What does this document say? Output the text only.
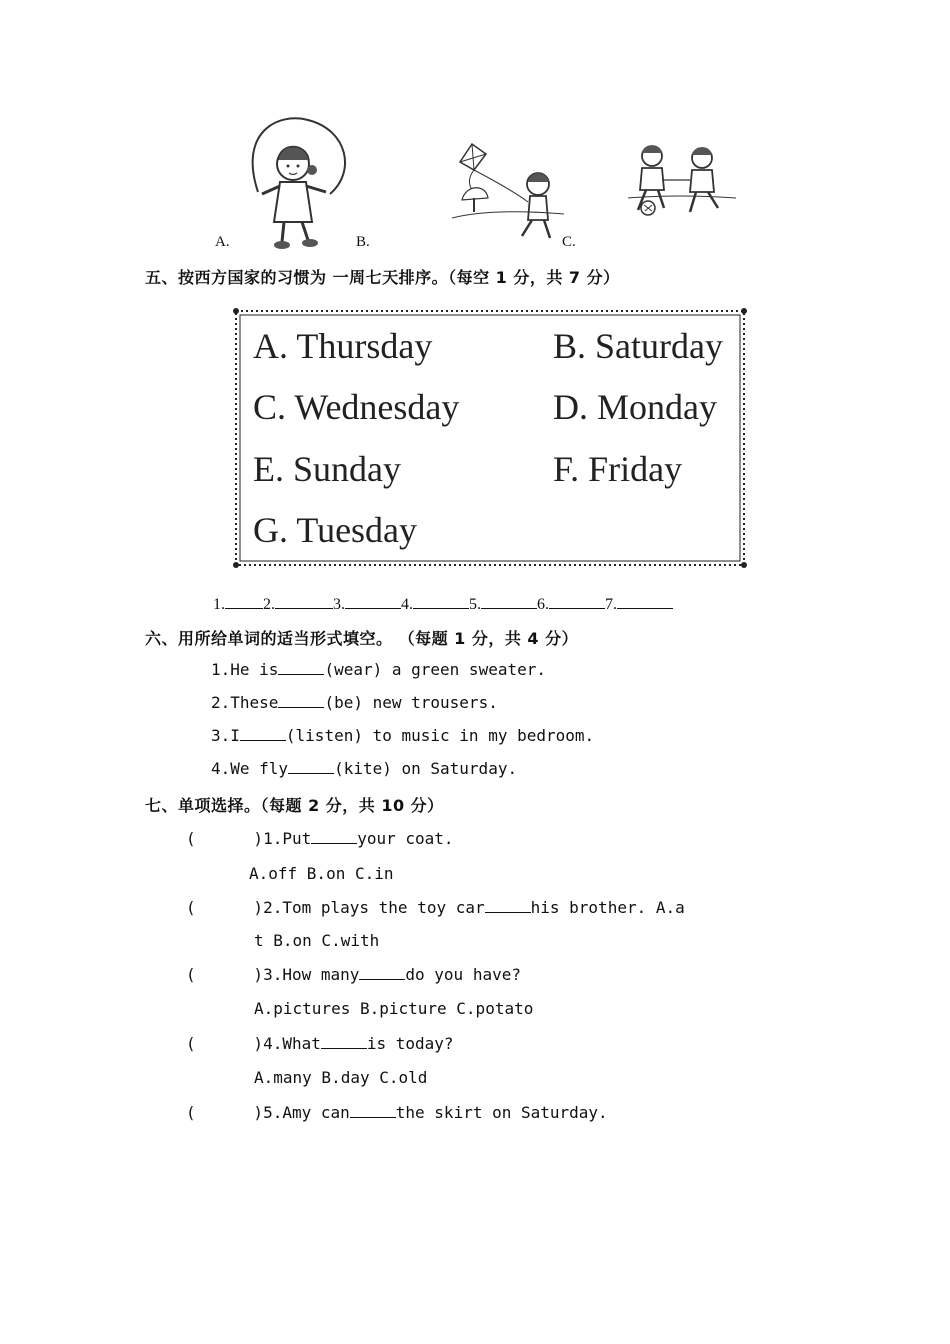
A.	B.	C.
五、按西方国家的习惯为 一周七天排序。（每空 1 分，共 7 分）
A. Thursday	B. Saturday
C. Wednesday	D. Monday
E. Sunday	F. Friday
G. Tuesday
1. 2.	3.	4.	5.	6.	7.
六、用所给单词的适当形式填空。 （每题 1 分，共 4 分）
1.He is	(wear) a green sweater.
2.These	(be) new trousers.
3.I	(listen) to music in my bedroom.
4.We fly	(kite) on Saturday.
七、单项选择。（每题 2 分，共 10 分）
(      )1.Put	your coat.
A.off B.on C.in
(      )2.Tom plays the toy car	his brother. A.a
t B.on C.with
(      )3.How many	do you have?
A.pictures B.picture C.potato
(      )4.What	is today?
A.many B.day C.old
(      )5.Amy can	the skirt on Saturday.
